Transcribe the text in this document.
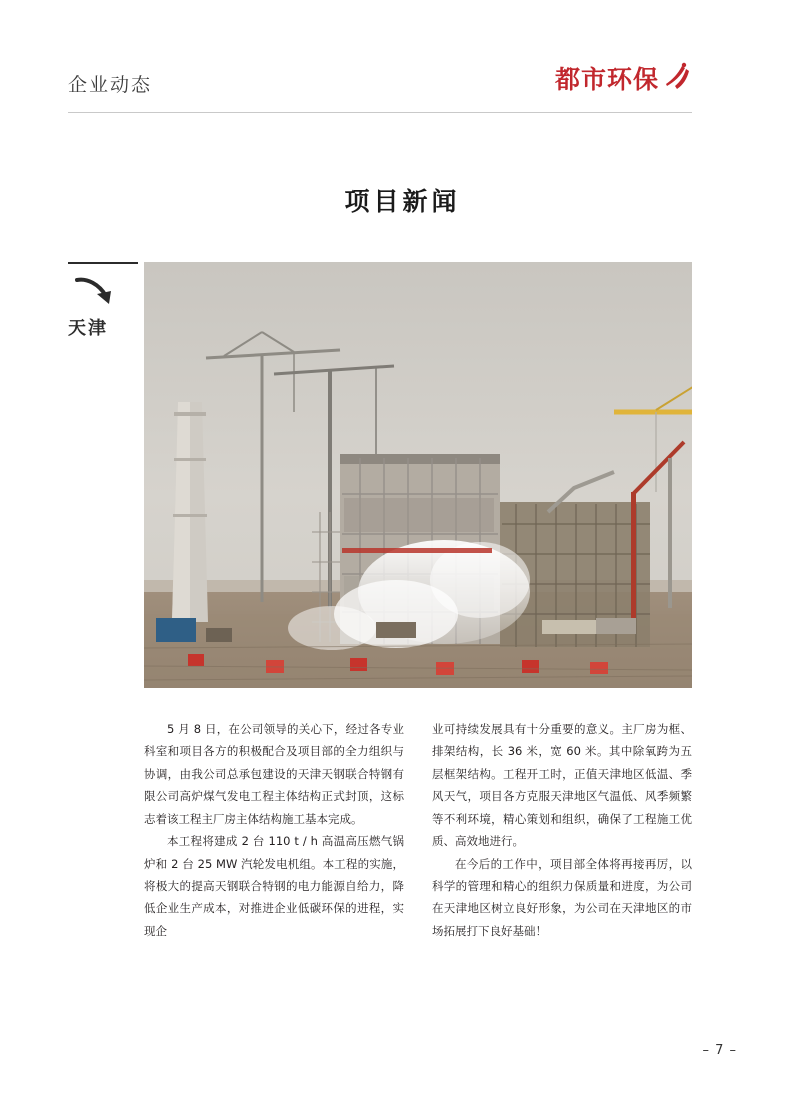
企业动态	都市环保
项目新闻
天津

5 月 8 日，在公司领导的关心下，经过各专业科室和项目各方的积极配合及项目部的全力组织与协调，由我公司总承包建设的天津天钢联合特钢有限公司高炉煤气发电工程主体结构正式封顶，这标志着该工程主厂房主体结构施工基本完成。

本工程将建成 2 台 110 t / h 高温高压燃气锅炉和 2 台 25 MW 汽轮发电机组。本工程的实施，将极大的提高天钢联合特钢的电力能源自给力，降低企业生产成本，对推进企业低碳环保的进程，实现企

业可持续发展具有十分重要的意义。主厂房为框、排架结构，长 36 米，宽 60 米。其中除氧跨为五层框架结构。工程开工时，正值天津地区低温、季风天气，项目各方克服天津地区气温低、风季频繁等不利环境，精心策划和组织，确保了工程施工优质、高效地进行。

在今后的工作中，项目部全体将再接再厉，以科学的管理和精心的组织力保质量和进度，为公司在天津地区树立良好形象，为公司在天津地区的市场拓展打下良好基础！

– 7 –
